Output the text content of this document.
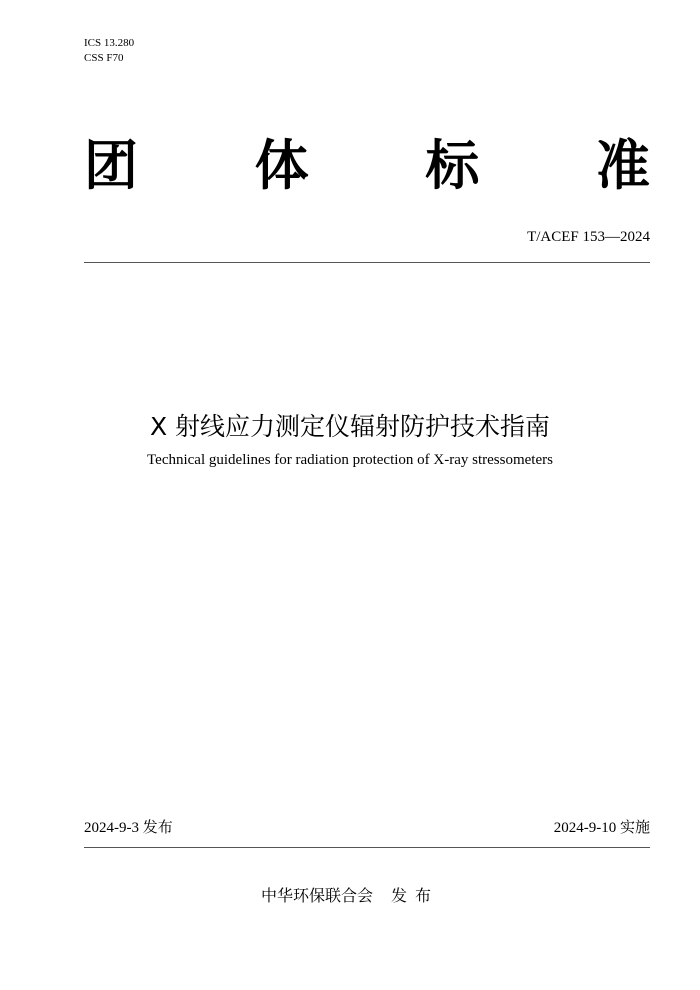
ICS 13.280
CSS F70
团 体 标 准
T/ACEF 153—2024
X 射线应力测定仪辐射防护技术指南
Technical guidelines for radiation protection of X-ray stressometers
2024-9-3 发布	2024-9-10 实施
中华环保联合会 发布
